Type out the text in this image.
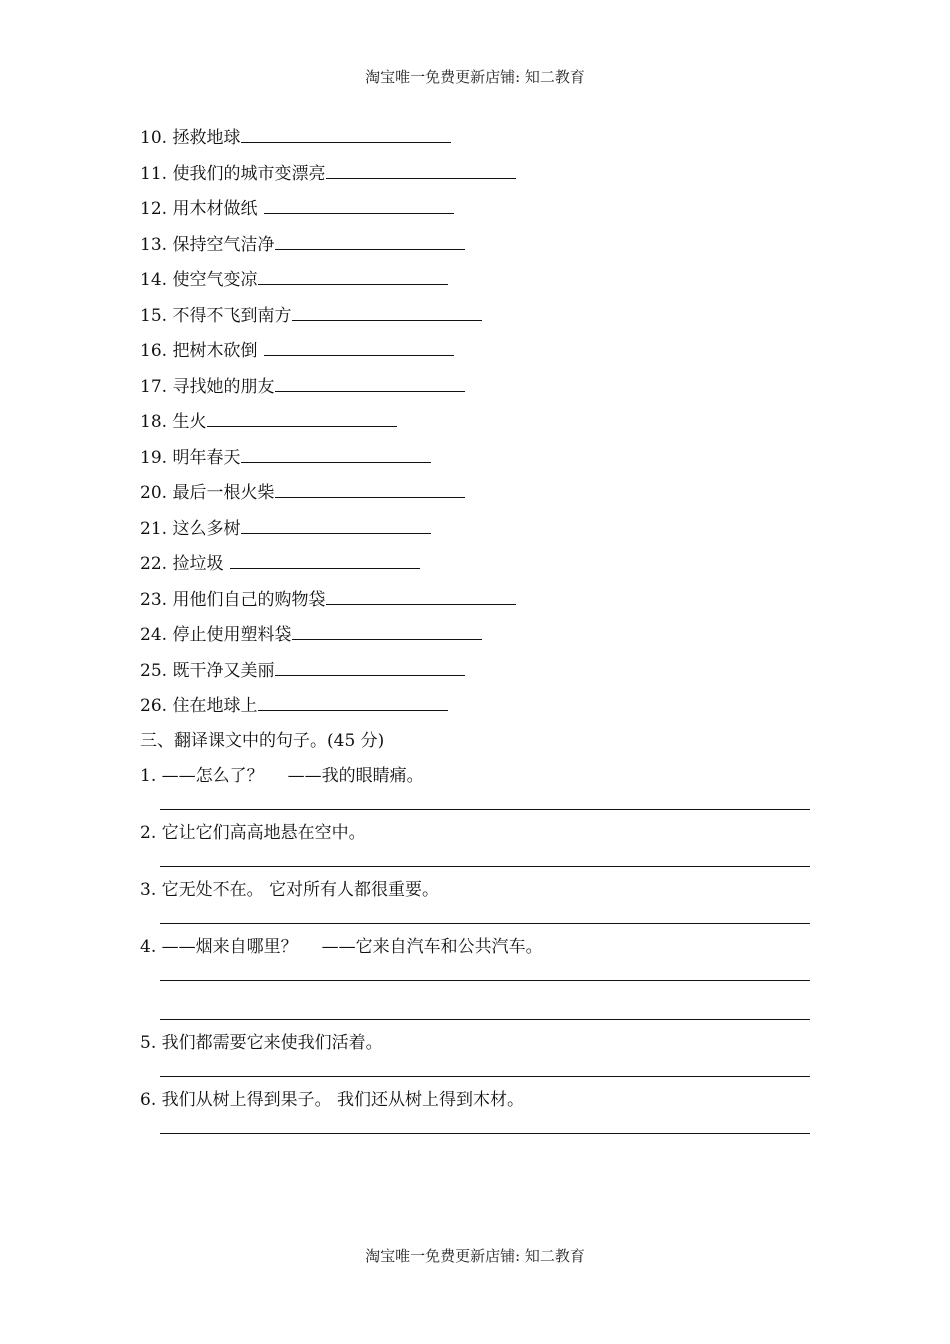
淘宝唯一免费更新店铺: 知二教育
10. 拯救地球
11. 使我们的城市变漂亮
12. 用木材做纸
13. 保持空气洁净
14. 使空气变凉
15. 不得不飞到南方
16. 把树木砍倒
17. 寻找她的朋友
18. 生火
19. 明年春天
20. 最后一根火柴
21. 这么多树
22. 捡垃圾
23. 用他们自己的购物袋
24. 停止使用塑料袋
25. 既干净又美丽
26. 住在地球上
三、翻译课文中的句子。(45 分)
1. ——怎么了？ ——我的眼睛痛。
2. 它让它们高高地悬在空中。
3. 它无处不在。 它对所有人都很重要。
4. ——烟来自哪里？ ——它来自汽车和公共汽车。
5. 我们都需要它来使我们活着。
6. 我们从树上得到果子。 我们还从树上得到木材。
淘宝唯一免费更新店铺: 知二教育
